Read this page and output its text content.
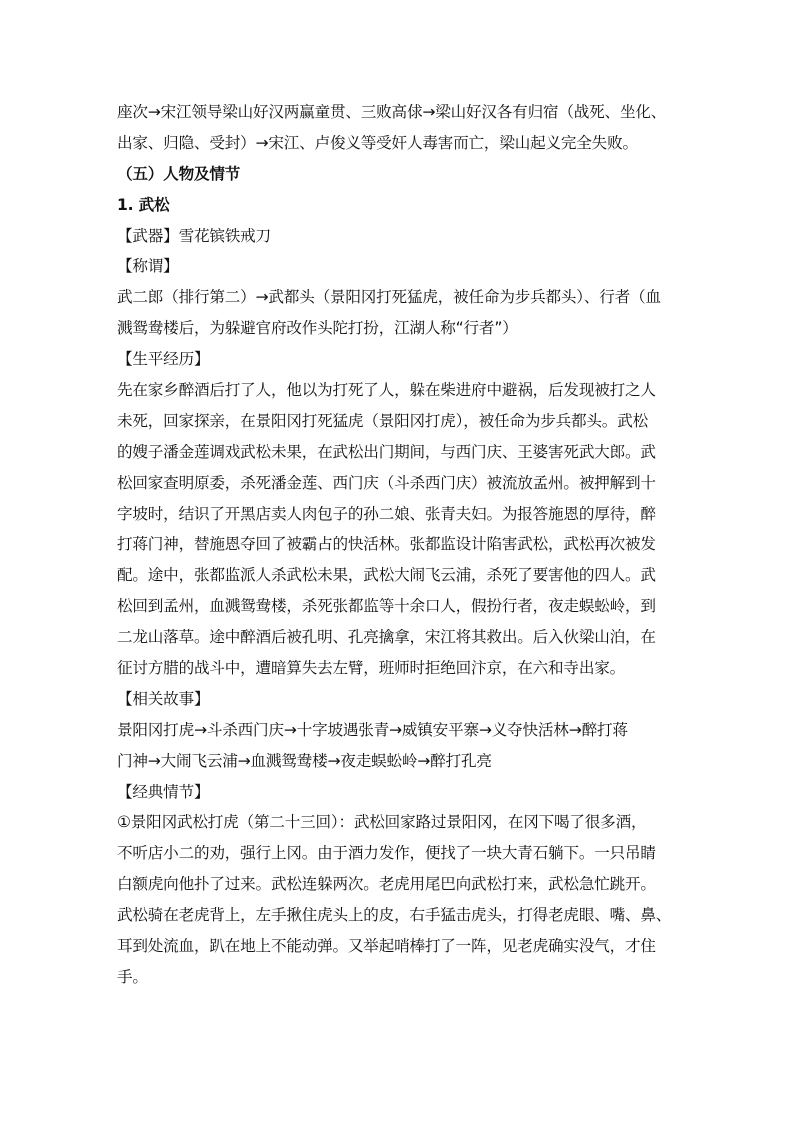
座次→宋江领导梁山好汉两赢童贯、三败高俅→梁山好汉各有归宿（战死、坐化、
出家、归隐、受封）→宋江、卢俊义等受奸人毒害而亡，梁山起义完全失败。
（五）人物及情节
1. 武松
【武器】雪花镔铁戒刀
【称谓】
武二郎（排行第二）→武都头（景阳冈打死猛虎，被任命为步兵都头）、行者（血
溅鸳鸯楼后，为躲避官府改作头陀打扮，江湖人称“行者”）
【生平经历】
先在家乡醉酒后打了人，他以为打死了人，躲在柴进府中避祸，后发现被打之人
未死，回家探亲，在景阳冈打死猛虎（景阳冈打虎），被任命为步兵都头。武松
的嫂子潘金莲调戏武松未果，在武松出门期间，与西门庆、王婆害死武大郎。武
松回家查明原委，杀死潘金莲、西门庆（斗杀西门庆）被流放孟州。被押解到十
字坡时，结识了开黑店卖人肉包子的孙二娘、张青夫妇。为报答施恩的厚待，醉
打蒋门神，替施恩夺回了被霸占的快活林。张都监设计陷害武松，武松再次被发
配。途中，张都监派人杀武松未果，武松大闹飞云浦，杀死了要害他的四人。武
松回到孟州，血溅鸳鸯楼，杀死张都监等十余口人，假扮行者，夜走蜈蚣岭，到
二龙山落草。途中醉酒后被孔明、孔亮擒拿，宋江将其救出。后入伙梁山泊，在
征讨方腊的战斗中，遭暗算失去左臂，班师时拒绝回汴京，在六和寺出家。
【相关故事】
景阳冈打虎→斗杀西门庆→十字坡遇张青→威镇安平寨→义夺快活林→醉打蒋
门神→大闹飞云浦→血溅鸳鸯楼→夜走蜈蚣岭→醉打孔亮
【经典情节】
①景阳冈武松打虎（第二十三回）：武松回家路过景阳冈，在冈下喝了很多酒，
不听店小二的劝，强行上冈。由于酒力发作，便找了一块大青石躺下。一只吊睛
白额虎向他扑了过来。武松连躲两次。老虎用尾巴向武松打来，武松急忙跳开。
武松骑在老虎背上，左手揪住虎头上的皮，右手猛击虎头，打得老虎眼、嘴、鼻、
耳到处流血，趴在地上不能动弹。又举起哨棒打了一阵，见老虎确实没气，才住
手。
